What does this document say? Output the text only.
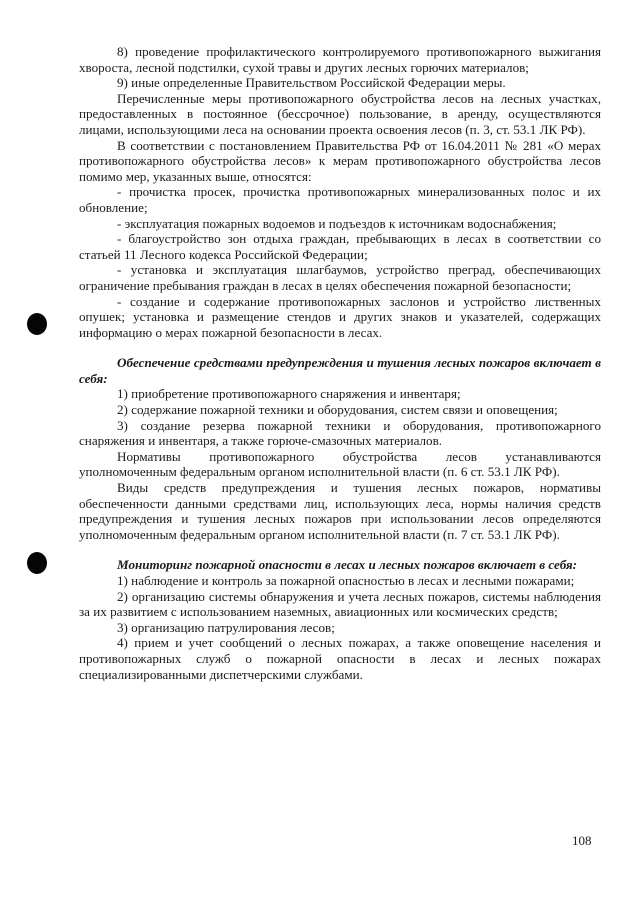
8) проведение профилактического контролируемого противопожарного выжигания хвороста, лесной подстилки, сухой травы и других лесных горючих материалов;

9) иные определенные Правительством Российской Федерации меры.

Перечисленные меры противопожарного обустройства лесов на лесных участках, предоставленных в постоянное (бессрочное) пользование, в аренду, осуществляются лицами, использующими леса на основании проекта освоения лесов (п. 3, ст. 53.1 ЛК РФ).

В соответствии с постановлением Правительства РФ от 16.04.2011 № 281 «О мерах противопожарного обустройства лесов» к мерам противопожарного обустройства лесов помимо мер, указанных выше, относятся:

- прочистка просек, прочистка противопожарных минерализованных полос и их обновление;

- эксплуатация пожарных водоемов и подъездов к источникам водоснабжения;

- благоустройство зон отдыха граждан, пребывающих в лесах в соответствии со статьей 11 Лесного кодекса Российской Федерации;

- установка и эксплуатация шлагбаумов, устройство преград, обеспечивающих ограничение пребывания граждан в лесах в целях обеспечения пожарной безопасности;

- создание и содержание противопожарных заслонов и устройство лиственных опушек; установка и размещение стендов и других знаков и указателей, содержащих информацию о мерах пожарной безопасности в лесах.

Обеспечение средствами предупреждения и тушения лесных пожаров включает в себя:

1) приобретение противопожарного снаряжения и инвентаря;

2) содержание пожарной техники и оборудования, систем связи и оповещения;

3) создание резерва пожарной техники и оборудования, противопожарного снаряжения и инвентаря, а также горюче-смазочных материалов.

Нормативы противопожарного обустройства лесов устанавливаются уполномоченным федеральным органом исполнительной власти (п. 6 ст. 53.1 ЛК РФ).

Виды средств предупреждения и тушения лесных пожаров, нормативы обеспеченности данными средствами лиц, использующих леса, нормы наличия средств предупреждения и тушения лесных пожаров при использовании лесов определяются уполномоченным федеральным органом исполнительной власти (п. 7 ст. 53.1 ЛК РФ).

Мониторинг пожарной опасности в лесах и лесных пожаров включает в себя:

1) наблюдение и контроль за пожарной опасностью в лесах и лесными пожарами;

2) организацию системы обнаружения и учета лесных пожаров, системы наблюдения за их развитием с использованием наземных, авиационных или космических средств;

3) организацию патрулирования лесов;

4) прием и учет сообщений о лесных пожарах, а также оповещение населения и противопожарных служб о пожарной опасности в лесах и лесных пожарах специализированными диспетчерскими службами.

108
